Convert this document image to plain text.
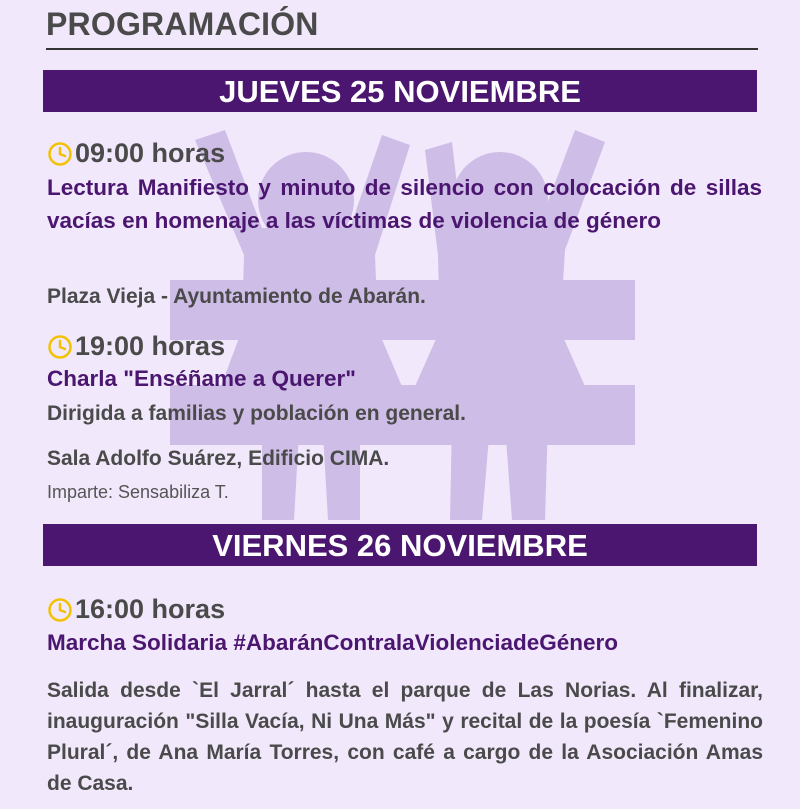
PROGRAMACIÓN
JUEVES 25 NOVIEMBRE
09:00 horas
Lectura Manifiesto y minuto de silencio con colocación de sillas vacías en homenaje a las víctimas de violencia de género
Plaza Vieja - Ayuntamiento de Abarán.
19:00 horas
Charla "Enséñame a Querer"
Dirigida a familias y población en general.
Sala Adolfo Suárez, Edificio CIMA.
Imparte: Sensabiliza T.
VIERNES 26 NOVIEMBRE
16:00 horas
Marcha Solidaria #AbaránContralaViolenciadeGénero
Salida desde `El Jarral´ hasta el parque de Las Norias. Al finalizar, inauguración "Silla Vacía, Ni Una Más" y recital de la poesía `Femenino Plural´, de Ana María Torres, con café a cargo de la Asociación Amas de Casa.
